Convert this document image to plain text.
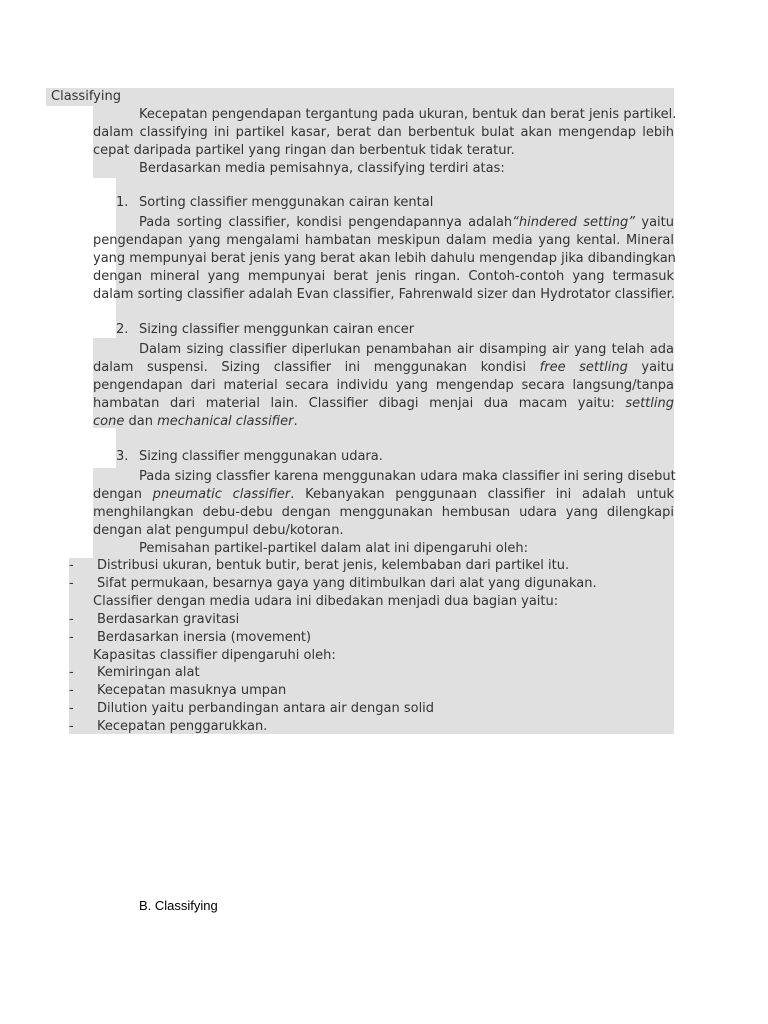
Classifying
Kecepatan pengendapan tergantung pada ukuran, bentuk dan berat jenis partikel.
dalam classifying ini partikel kasar, berat dan berbentuk bulat akan mengendap lebih
cepat daripada partikel yang ringan dan berbentuk tidak teratur.
Berdasarkan media pemisahnya, classifying terdiri atas:
1. Sorting classifier menggunakan cairan kental
Pada sorting classifier, kondisi pengendapannya adalah“hindered setting” yaitu
pengendapan yang mengalami hambatan meskipun dalam media yang kental. Mineral
yang mempunyai berat jenis yang berat akan lebih dahulu mengendap jika dibandingkan
dengan mineral yang mempunyai berat jenis ringan. Contoh-contoh yang termasuk
dalam sorting classifier adalah Evan classifier, Fahrenwald sizer dan Hydrotator classifier.
2. Sizing classifier menggunkan cairan encer
Dalam sizing classifier diperlukan penambahan air disamping air yang telah ada
dalam suspensi. Sizing classifier ini menggunakan kondisi free settling yaitu
pengendapan dari material secara individu yang mengendap secara langsung/tanpa
hambatan dari material lain. Classifier dibagi menjai dua macam yaitu: settling
cone dan mechanical classifier.
3. Sizing classifier menggunakan udara.
Pada sizing classfier karena menggunakan udara maka classifier ini sering disebut
dengan pneumatic classifier. Kebanyakan penggunaan classifier ini adalah untuk
menghilangkan debu-debu dengan menggunakan hembusan udara yang dilengkapi
dengan alat pengumpul debu/kotoran.
Pemisahan partikel-partikel dalam alat ini dipengaruhi oleh:
- Distribusi ukuran, bentuk butir, berat jenis, kelembaban dari partikel itu.
- Sifat permukaan, besarnya gaya yang ditimbulkan dari alat yang digunakan.
Classifier dengan media udara ini dibedakan menjadi dua bagian yaitu:
- Berdasarkan gravitasi
- Berdasarkan inersia (movement)
Kapasitas classifier dipengaruhi oleh:
- Kemiringan alat
- Kecepatan masuknya umpan
- Dilution yaitu perbandingan antara air dengan solid
- Kecepatan penggarukkan.
B. Classifying
